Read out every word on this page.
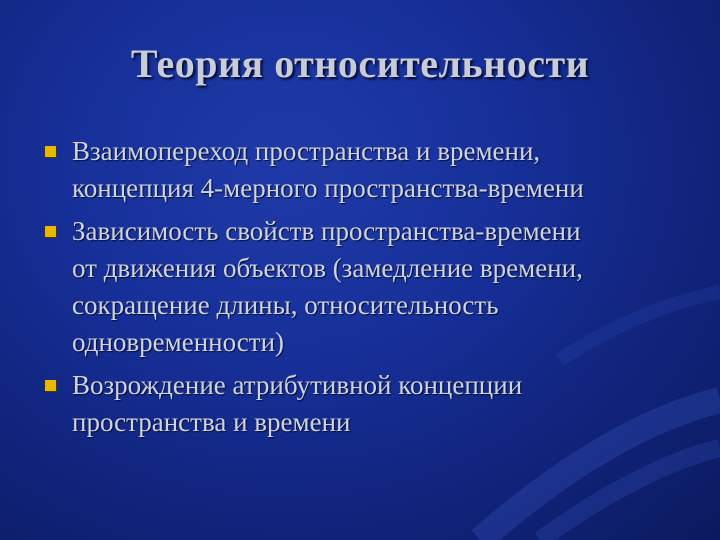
Теория относительности
Взаимопереход пространства и времени,
концепция 4-мерного пространства-времени
Зависимость свойств пространства-времени
от движения объектов (замедление времени,
сокращение длины, относительность
одновременности)
Возрождение атрибутивной концепции
пространства и времени
